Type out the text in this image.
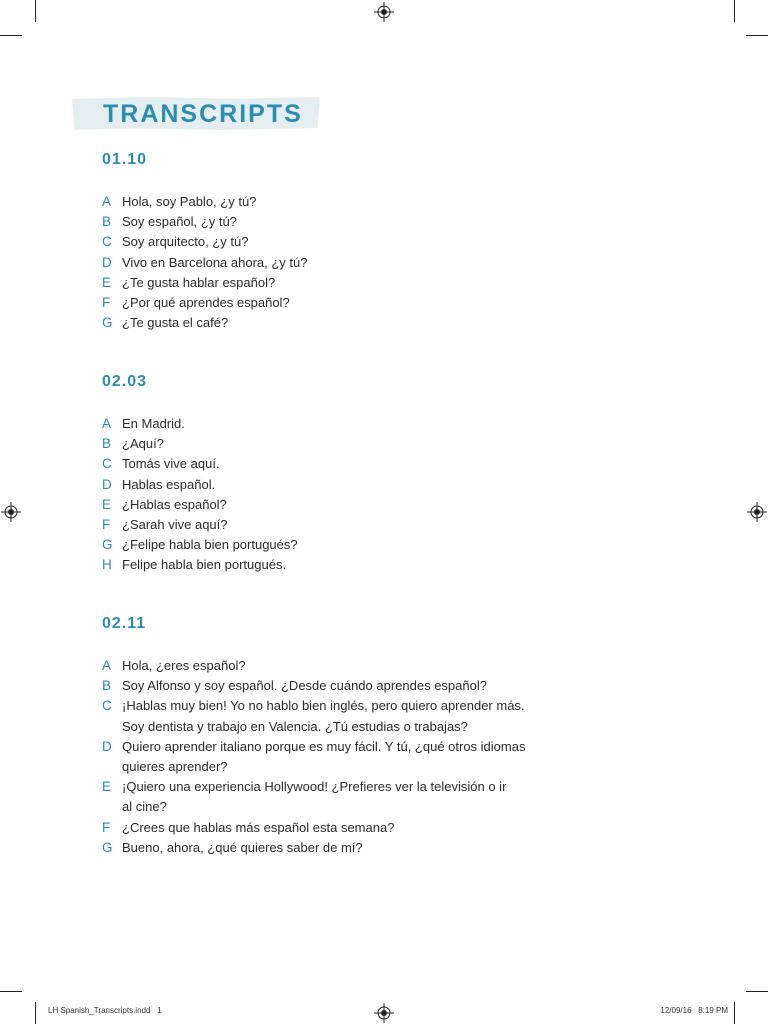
TRANSCRIPTS
01.10
A Hola, soy Pablo, ¿y tú?
B Soy español, ¿y tú?
C Soy arquitecto, ¿y tú?
D Vivo en Barcelona ahora, ¿y tú?
E ¿Te gusta hablar español?
F ¿Por qué aprendes español?
G ¿Te gusta el café?
02.03
A En Madrid.
B ¿Aquí?
C Tomás vive aquí.
D Hablas español.
E ¿Hablas español?
F ¿Sarah vive aquí?
G ¿Felipe habla bien portugués?
H Felipe habla bien portugués.
02.11
A Hola, ¿eres español?
B Soy Alfonso y soy español. ¿Desde cuándo aprendes español?
C ¡Hablas muy bien! Yo no hablo bien inglés, pero quiero aprender más.
Soy dentista y trabajo en Valencia. ¿Tú estudias o trabajas?
D Quiero aprender italiano porque es muy fácil. Y tú, ¿qué otros idiomas
quieres aprender?
E ¡Quiero una experiencia Hollywood! ¿Prefieres ver la televisión o ir
al cine?
F ¿Crees que hablas más español esta semana?
G Bueno, ahora, ¿qué quieres saber de mí?
LH Spanish_Transcripts.indd   1	12/09/16   8:19 PM
